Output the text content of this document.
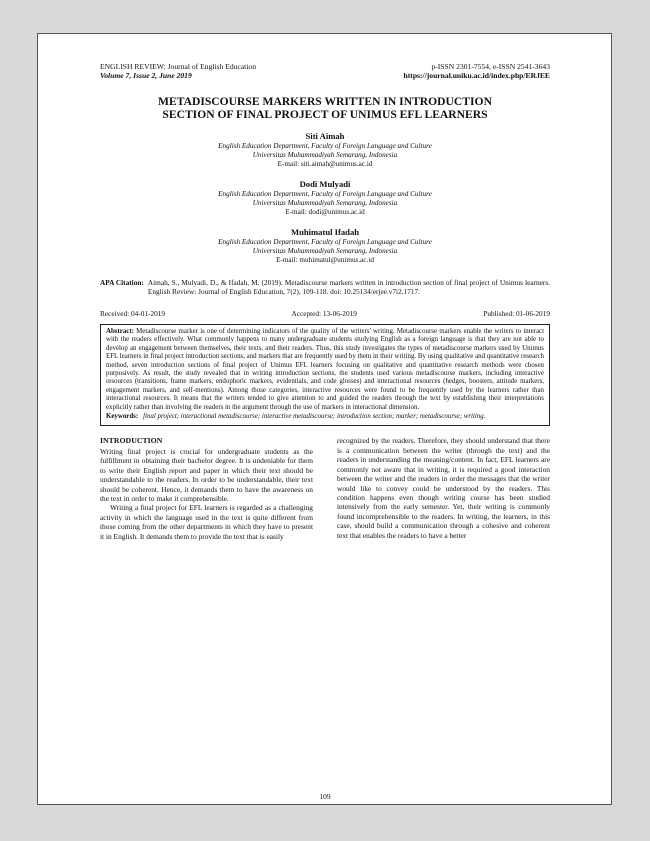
ENGLISH REVIEW: Journal of English Education
Volume 7, Issue 2, June 2019
p-ISSN 2301-7554, e-ISSN 2541-3643
https://journal.uniku.ac.id/index.php/ERJEE
METADISCOURSE MARKERS WRITTEN IN INTRODUCTION
SECTION OF FINAL PROJECT OF UNIMUS EFL LEARNERS
Siti Aimah
English Education Department, Faculty of Foreign Language and Culture
Universitas Muhammadiyah Semarang, Indonesia
E-mail: siti.aimah@unimus.ac.id
Dodi Mulyadi
English Education Department, Faculty of Foreign Language and Culture
Universitas Muhammadiyah Semarang, Indonesia
E-mail: dodi@unimus.ac.id
Muhimatul Ifadah
English Education Department, Faculty of Foreign Language and Culture
Universitas Muhammadiyah Semarang, Indonesia
E-mail: muhimatul@unimus.ac.id
APA Citation: Aimah, S., Mulyadi, D., & Ifadah, M. (2019). Metadiscourse markers written in introduction section of final project of Unimus learners. English Review: Journal of English Education, 7(2), 109-118. doi: 10.25134/erjee.v7i2.1717.
Received: 04-01-2019	Accepted: 13-06-2019	Published: 01-06-2019
Abstract: Metadiscourse marker is one of determining indicators of the quality of the writers' writing. Metadiscourse markers enable the writers to interact with the readers effectively. What commonly happens to many undergraduate students studying English as a foreign language is that they are not able to develop an engagement between themselves, their texts, and their readers. Thus, this study investigates the types of metadiscourse markers used by Unimus EFL learners in final project introduction sections, and markers that are frequently used by them in their writing. By using qualitative and quantitative research method, seven introduction sections of final project of Unimus EFL learners focusing on qualitative and quantitative research methods were chosen purposively. As result, the study revealed that in writing introduction sections, the students used various metadiscourse markers, including interactive resources (transitions, frame markers, endophoric markers, evidentials, and code glosses) and interactional resources (hedges, boosters, attitude markers, engagement markers, and self-mentions). Among those categories, interactive resources were found to be frequently used by the learners rather than interactional resources. It means that the writers tended to give attention to and guided the readers through the text by establishing their interpretations explicitly rather than involving the readers in the argument through the use of markers in interactional dimension.
Keywords: final project; interactional metadiscourse; interactive metadiscourse; introduction section; marker; metadiscourse; writing.
INTRODUCTION

Writing final project is crucial for undergraduate students as the fulfillment in obtaining their bachelor degree. It is undeniable for them to write their English report and paper in which their text should be understandable to the readers. In order to be understandable, their text should be coherent. Hence, it demands them to have the awareness on the text in order to make it comprehensible.

Writing a final project for EFL learners is regarded as a challenging activity in which the language used in the text is quite different from those coming from the other departments in which they have to present it in English. It demands them to provide the text that is easily

recognized by the readers. Therefore, they should understand that there is a communication between the writer (through the text) and the readers in understanding the meaning/content. In fact, EFL learners are commonly not aware that in writing, it is required a good interaction between the writer and the readers in order the messages that the writer would like to convey could be understood by the readers. This condition happens even though writing course has been studied intensively from the early semester. Yet, their writing is commonly found incomprehensible to the readers. In writing, the learners, in this case, should build a communication through a cohesive and coherent text that enables the readers to have a better

109
